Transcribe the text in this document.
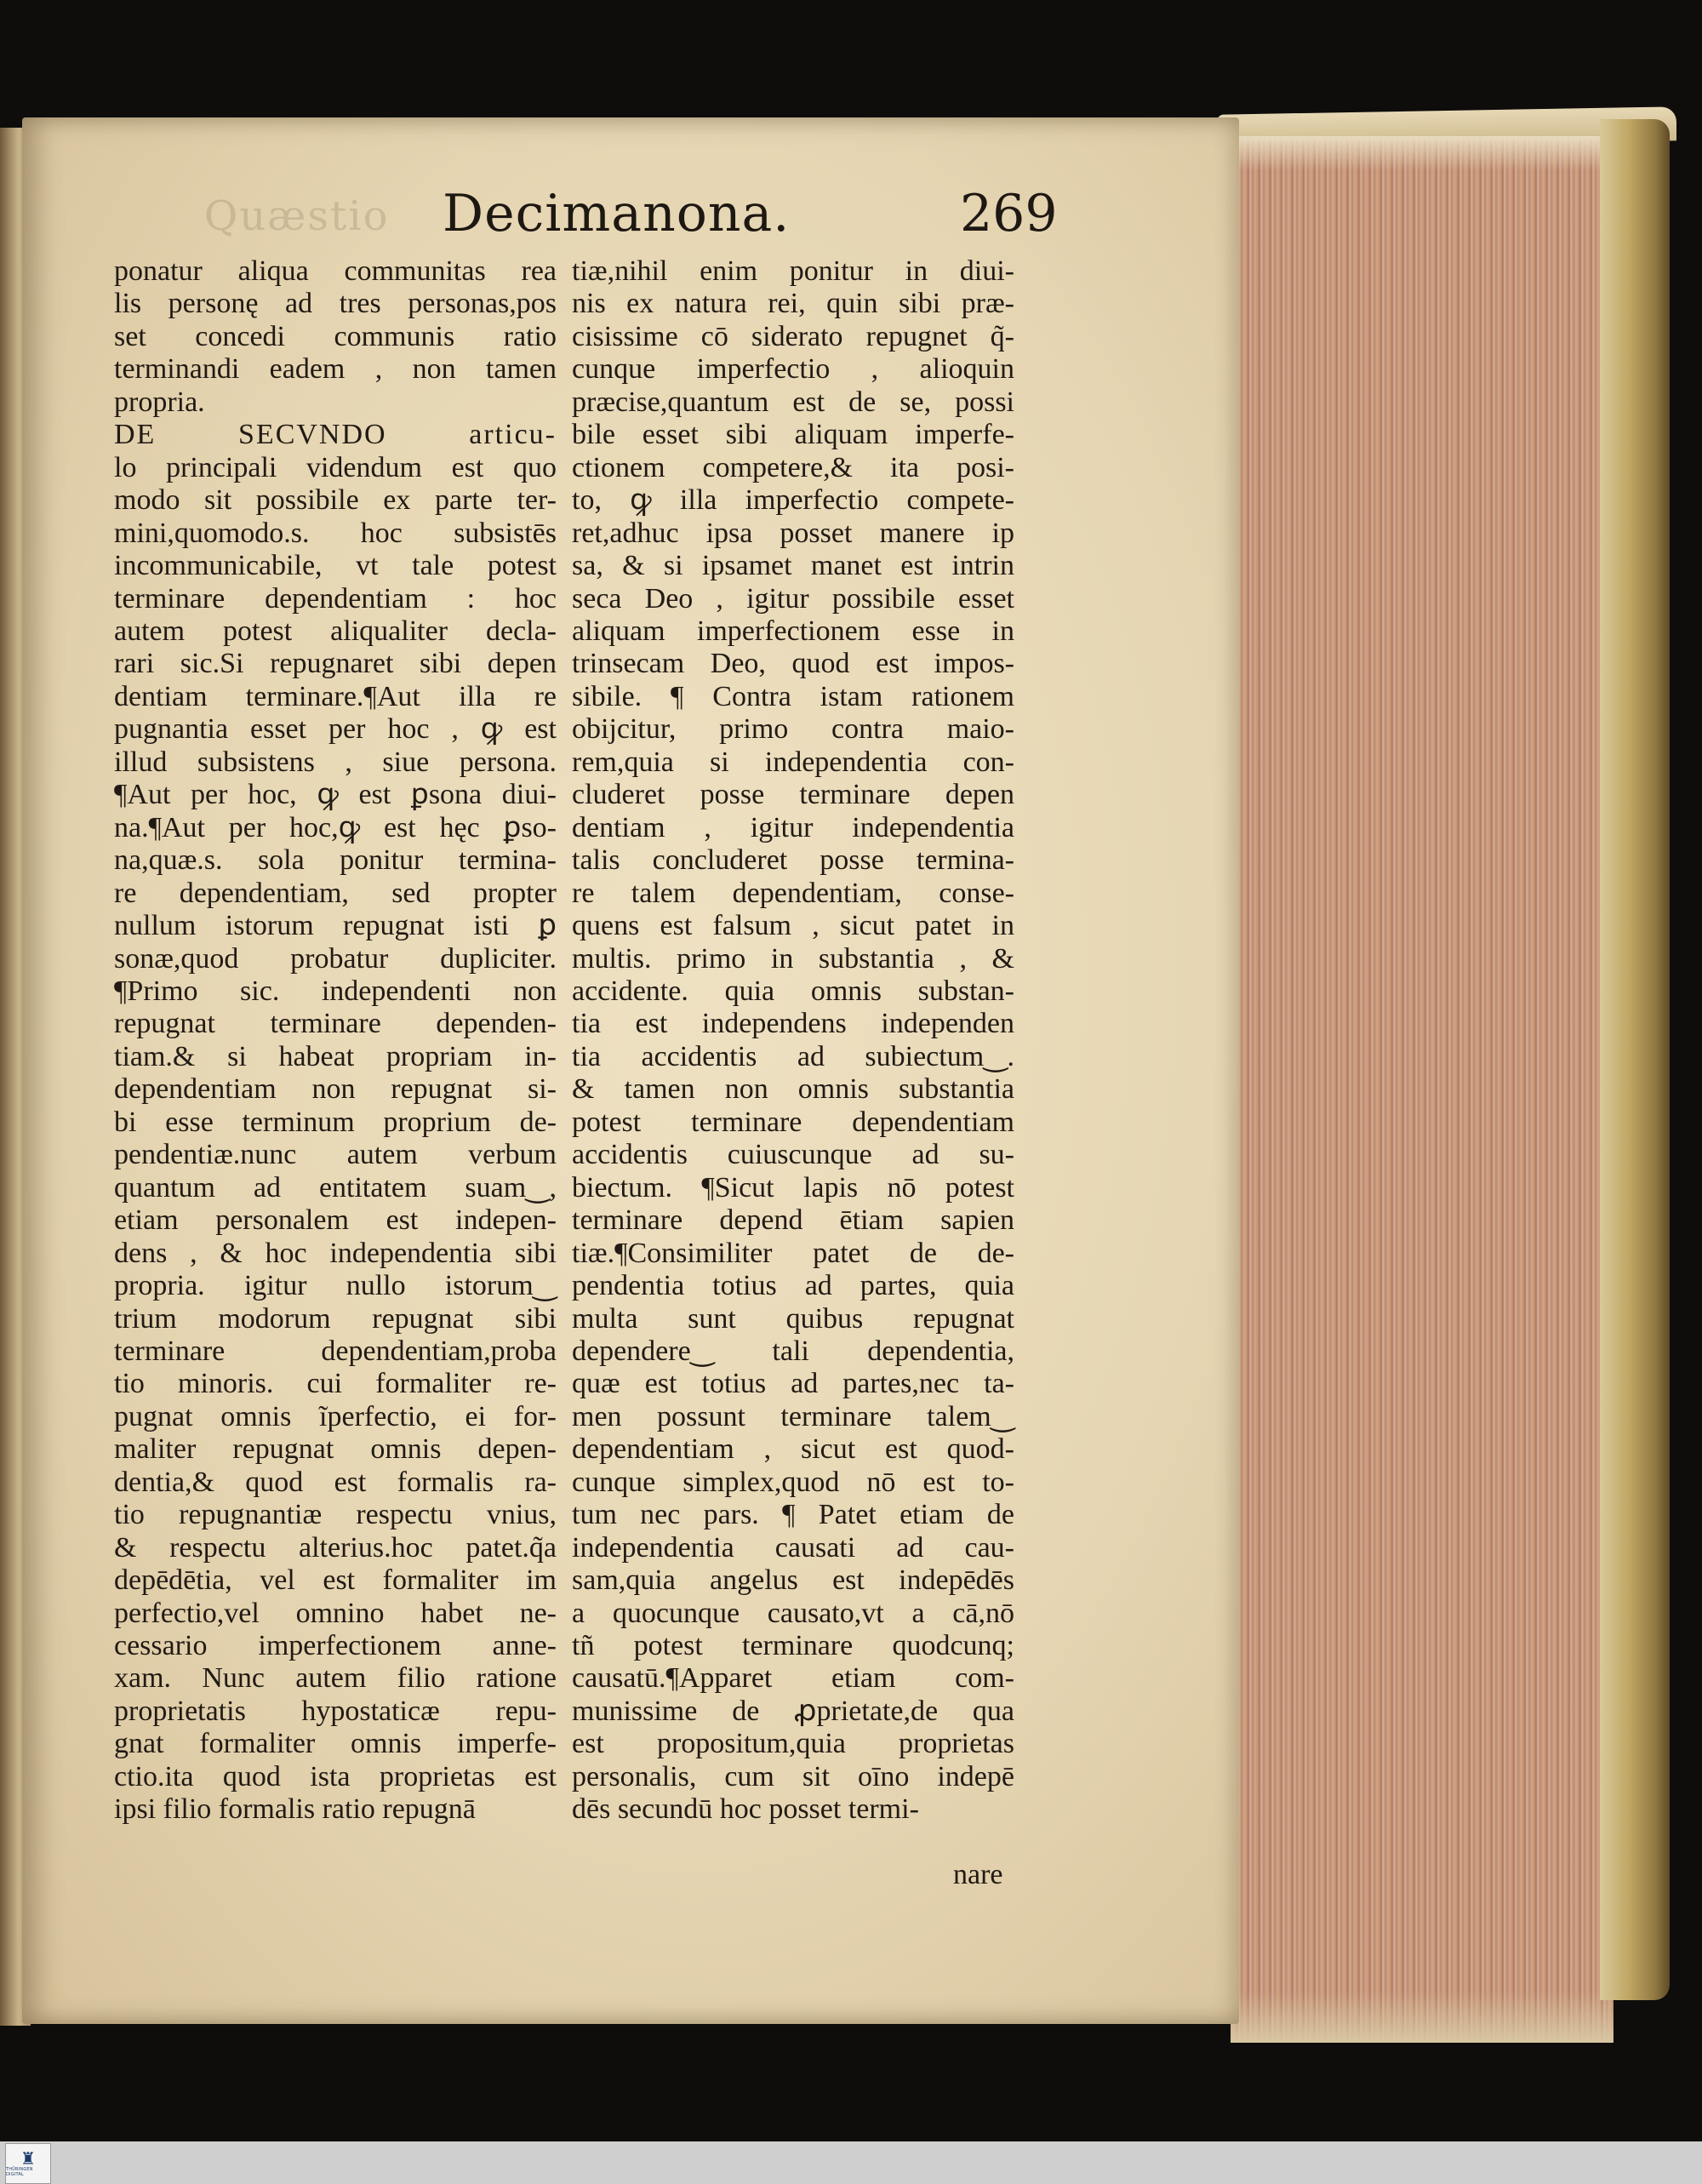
Quæstio Decimanona.	269
ponatur aliqua communitas rea
lis personę ad tres personas,pos
set concedi communis ratio
terminandi eadem , non tamen
propria.
DE SECVNDO articu-
lo principali videndum est quo
modo sit possibile ex parte ter-
mini,quomodo.s. hoc subsistēs
incommunicabile, vt tale potest
terminare dependentiam : hoc
autem potest aliqualiter decla-
rari sic.Si repugnaret sibi depen
dentiam terminare.¶Aut illa re
pugnantia esset per hoc , ꝙ est
illud subsistens , siue persona.
¶Aut per hoc, ꝙ est ꝑsona diui-
na.¶Aut per hoc,ꝙ est hęc ꝑso-
na,quæ.s. sola ponitur termina-
re dependentiam, sed propter
nullum istorum repugnat isti ꝑ
sonæ,quod probatur dupliciter.
¶Primo sic. independenti non
repugnat terminare dependen-
tiam.& si habeat propriam in-
dependentiam non repugnat si-
bi esse terminum proprium de-
pendentiæ.nunc autem verbum
quantum ad entitatem suam‿,
etiam personalem est indepen-
dens , & hoc independentia sibi
propria. igitur nullo istorum‿
trium modorum repugnat sibi
terminare dependentiam,proba
tio minoris. cui formaliter re-
pugnat omnis ĩperfectio, ei for-
maliter repugnat omnis depen-
dentia,& quod est formalis ra-
tio repugnantiæ respectu vnius,
& respectu alterius.hoc patet.q̃a
depēdētia, vel est formaliter im
perfectio,vel omnino habet ne-
cessario imperfectionem anne-
xam. Nunc autem filio ratione
proprietatis hypostaticæ repu-
gnat formaliter omnis imperfe-
ctio.ita quod ista proprietas est
ipsi filio formalis ratio repugnā
tiæ,nihil enim ponitur in diui-
nis ex natura rei, quin sibi præ-
cisissime cō siderato repugnet q̃-
cunque imperfectio , alioquin
præcise,quantum est de se, possi
bile esset sibi aliquam imperfe-
ctionem competere,& ita posi-
to, ꝙ illa imperfectio compete-
ret,adhuc ipsa posset manere ip
sa, & si ipsamet manet est intrin
seca Deo , igitur possibile esset
aliquam imperfectionem esse in
trinsecam Deo, quod est impos-
sibile. ¶ Contra istam rationem
obijcitur, primo contra maio-
rem,quia si independentia con-
cluderet posse terminare depen
dentiam , igitur independentia
talis concluderet posse termina-
re talem dependentiam, conse-
quens est falsum , sicut patet in
multis. primo in substantia , &
accidente. quia omnis substan-
tia est independens independen
tia accidentis ad subiectum‿.
& tamen non omnis substantia
potest terminare dependentiam
accidentis cuiuscunque ad su-
biectum. ¶Sicut lapis nō potest
terminare depend ētiam sapien
tiæ.¶Consimiliter patet de de-
pendentia totius ad partes, quia
multa sunt quibus repugnat
dependere‿ tali dependentia,
quæ est totius ad partes,nec ta-
men possunt terminare talem‿
dependentiam , sicut est quod-
cunque simplex,quod nō est to-
tum nec pars. ¶ Patet etiam de
independentia causati ad cau-
sam,quia angelus est indepēdēs
a quocunque causato,vt a cā,nō
tñ potest terminare quodcunq;
causatū.¶Apparet etiam com-
munissime de ꝓprietate,de qua
est propositum,quia proprietas
personalis, cum sit oīno indepē
dēs secundū hoc posset termi-
nare
♜
THÜRINGEN DIGITAL
